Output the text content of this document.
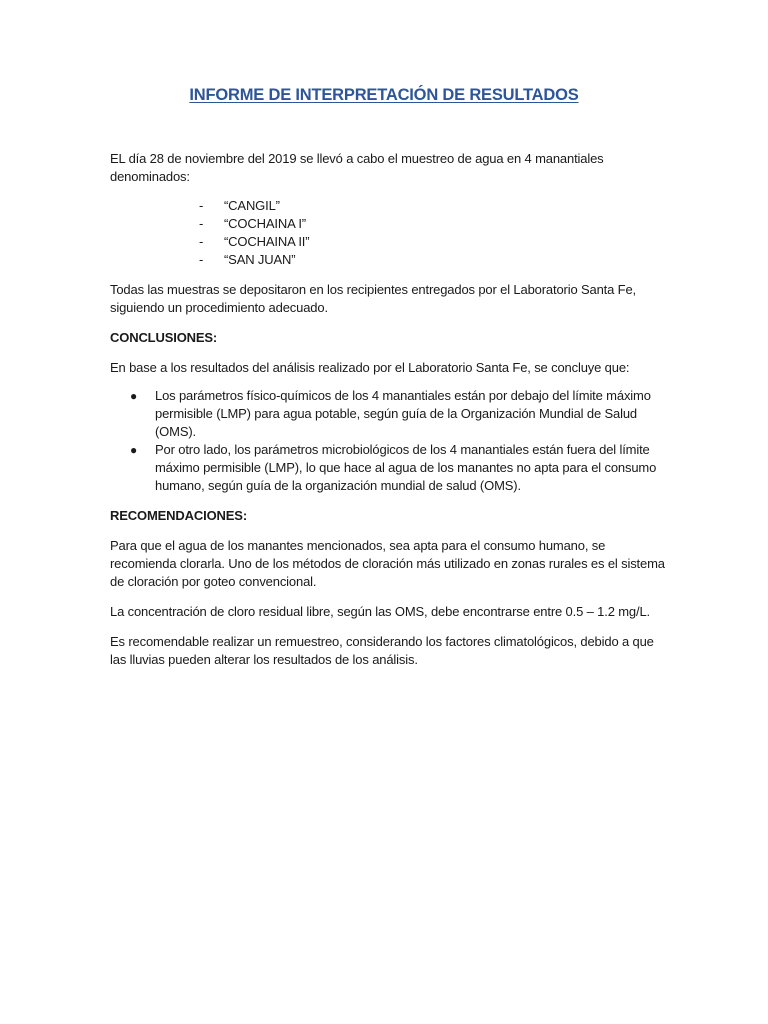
INFORME DE INTERPRETACIÓN DE RESULTADOS

EL día 28 de noviembre del 2019 se llevó a cabo el muestreo de agua en 4 manantiales denominados:

- “CANGIL”
- “COCHAINA I”
- “COCHAINA II”
- “SAN JUAN”

Todas las muestras se depositaron en los recipientes entregados por el Laboratorio Santa Fe, siguiendo un procedimiento adecuado.

CONCLUSIONES:

En base a los resultados del análisis realizado por el Laboratorio Santa Fe, se concluye que:

● Los parámetros físico-químicos de los 4 manantiales están por debajo del límite máximo permisible (LMP) para agua potable, según guía de la Organización Mundial de Salud (OMS).
● Por otro lado, los parámetros microbiológicos de los 4 manantiales están fuera del límite máximo permisible (LMP), lo que hace al agua de los manantes no apta para el consumo humano, según guía de la organización mundial de salud (OMS).

RECOMENDACIONES:

Para que el agua de los manantes mencionados, sea apta para el consumo humano, se recomienda clorarla. Uno de los métodos de cloración más utilizado en zonas rurales es el sistema de cloración por goteo convencional.

La concentración de cloro residual libre, según las OMS, debe encontrarse entre 0.5 – 1.2 mg/L.

Es recomendable realizar un remuestreo, considerando los factores climatológicos, debido a que las lluvias pueden alterar los resultados de los análisis.
